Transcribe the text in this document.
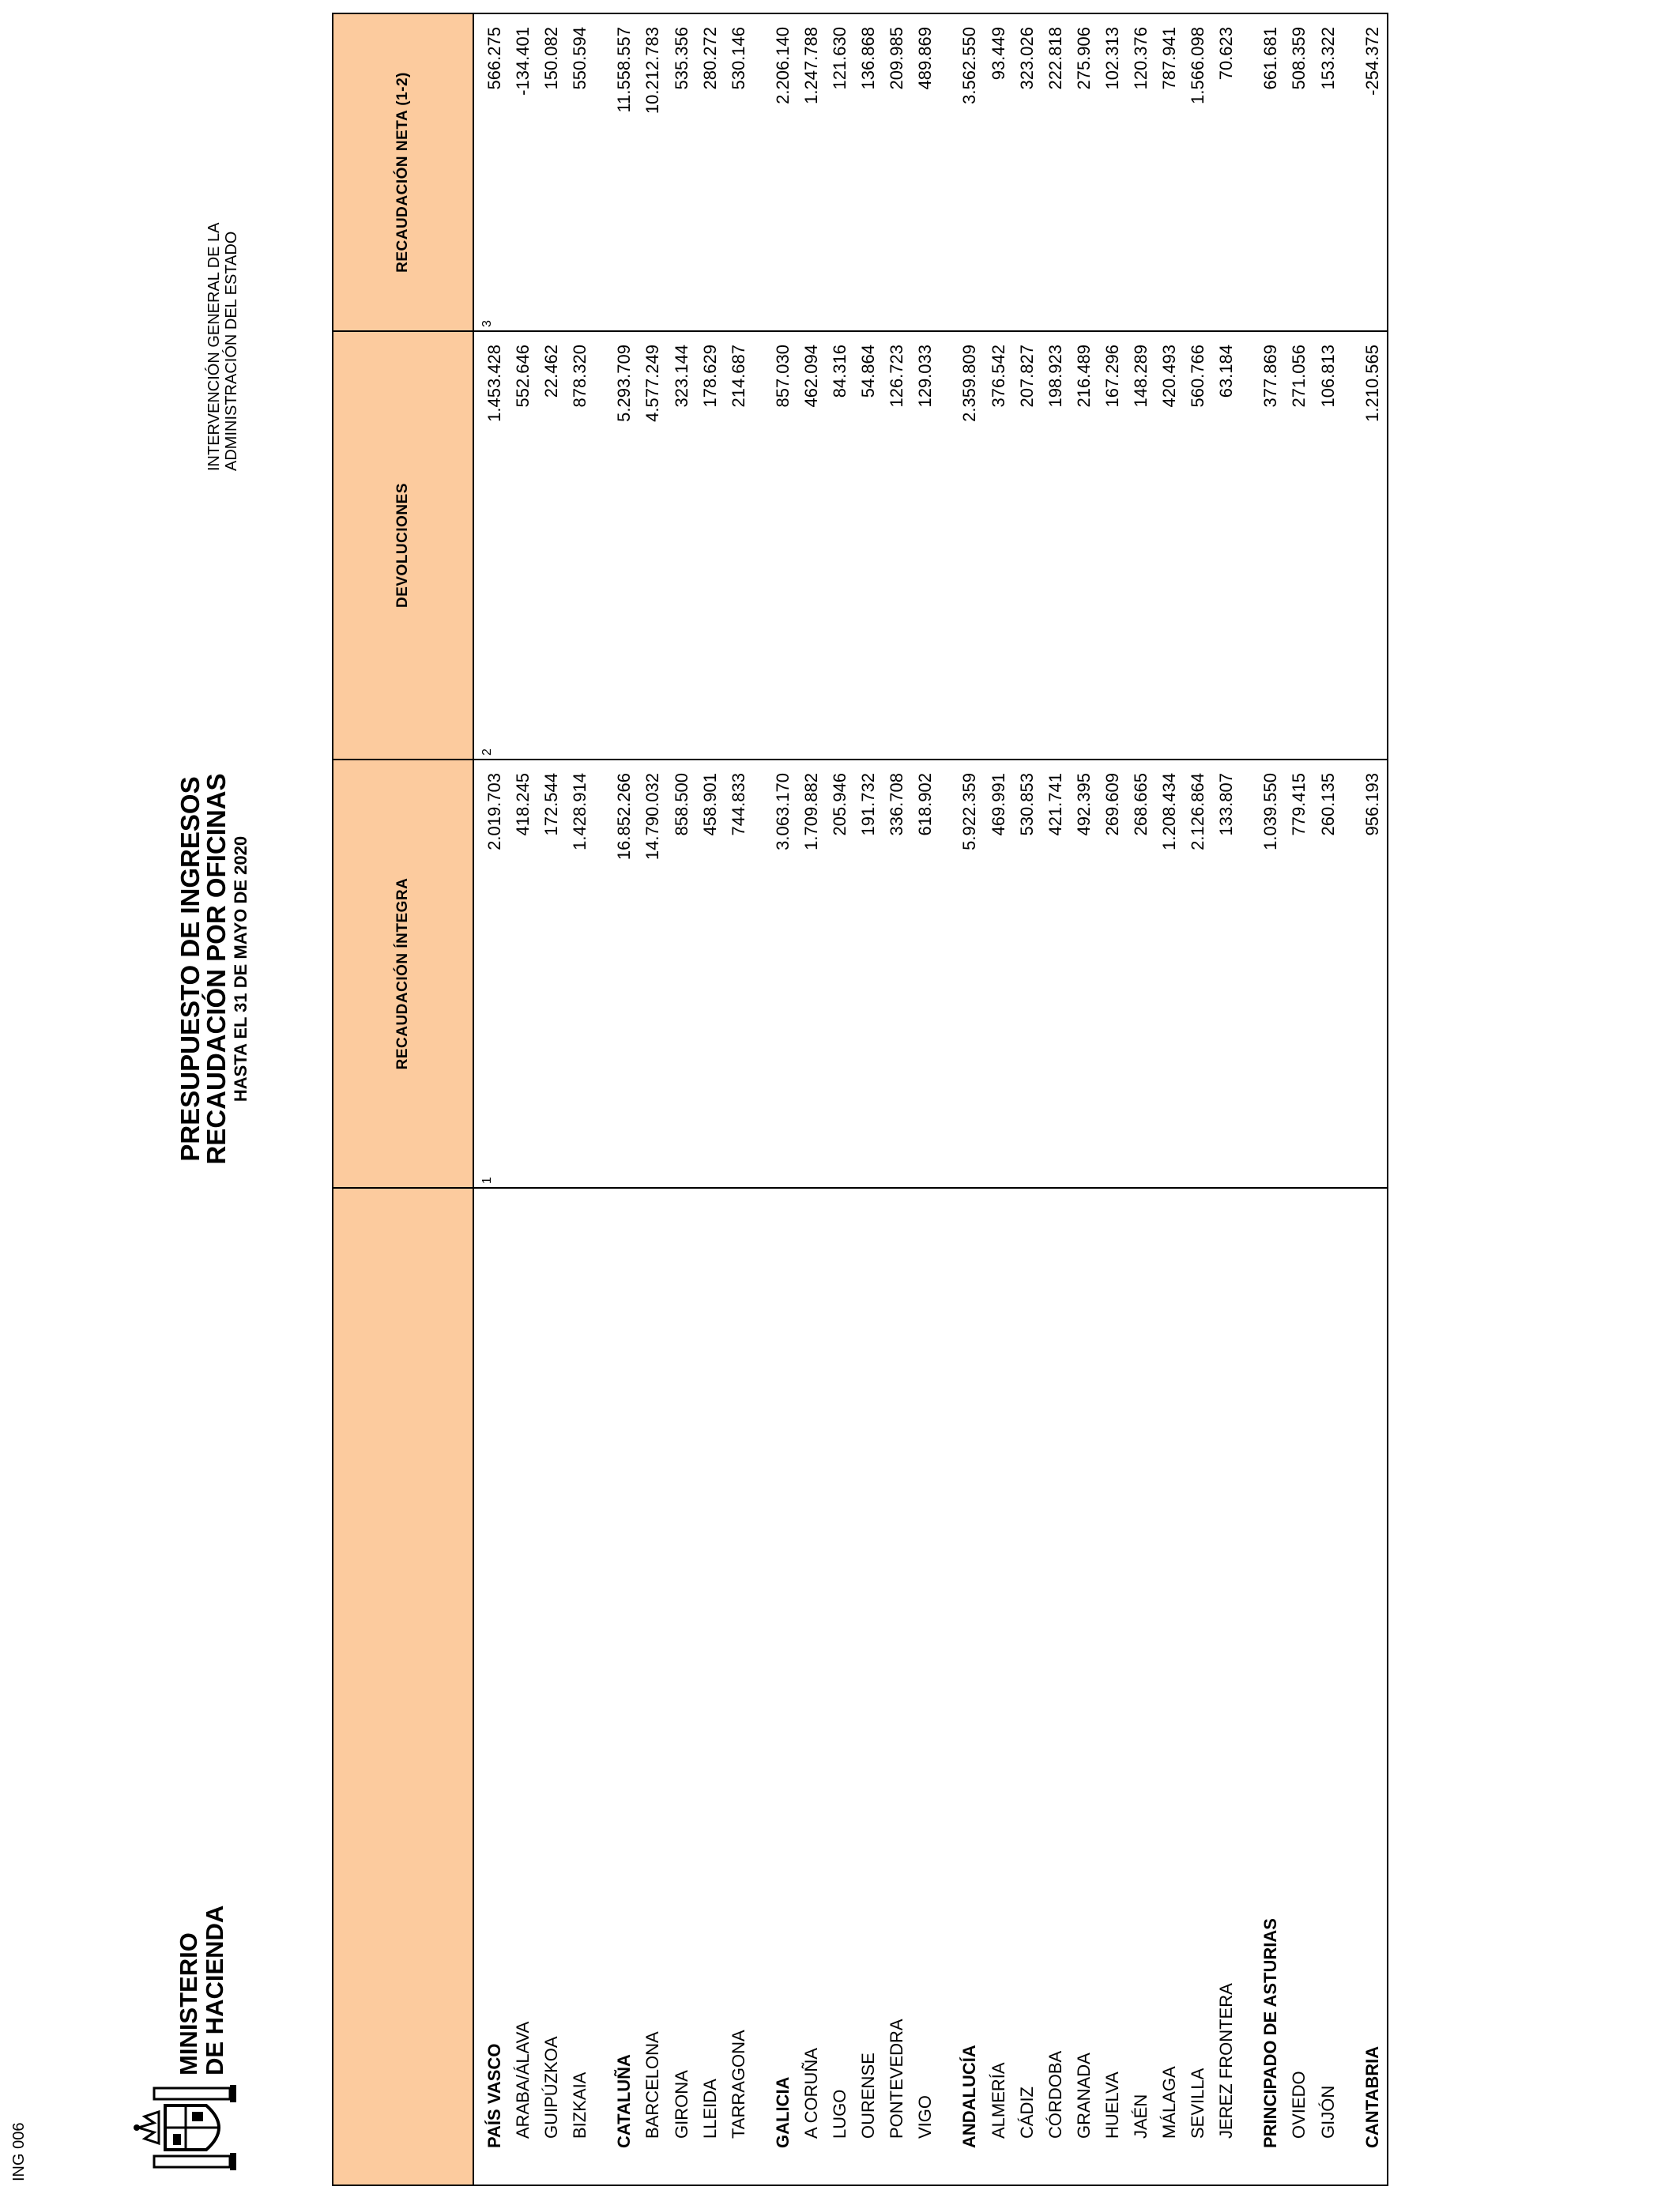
MINISTERIO
DE HACIENDA
PRESUPUESTO DE INGRESOS
RECAUDACIÓN POR OFICINAS HASTA EL 31 DE MAYO DE 2020
INTERVENCIÓN GENERAL DE LA ADMINISTRACIÓN DEL ESTADO
ING 006
	RECAUDACIÓN ÍNTEGRA
1	DEVOLUCIONES
2	RECAUDACIÓN NETA (1-2)
3

PAÍS VASCO	2.019.703	1.453.428	566.275
ARABA/ÁLAVA	418.245	552.646	-134.401
GUIPÚZKOA	172.544	22.462	150.082
BIZKAIA	1.428.914	878.320	550.594

CATALUÑA	16.852.266	5.293.709	11.558.557
BARCELONA	14.790.032	4.577.249	10.212.783
GIRONA	858.500	323.144	535.356
LLEIDA	458.901	178.629	280.272
TARRAGONA	744.833	214.687	530.146

GALICIA	3.063.170	857.030	2.206.140
A CORUÑA	1.709.882	462.094	1.247.788
LUGO	205.946	84.316	121.630
OURENSE	191.732	54.864	136.868
PONTEVEDRA	336.708	126.723	209.985
VIGO	618.902	129.033	489.869

ANDALUCÍA	5.922.359	2.359.809	3.562.550
ALMERÍA	469.991	376.542	93.449
CÁDIZ	530.853	207.827	323.026
CÓRDOBA	421.741	198.923	222.818
GRANADA	492.395	216.489	275.906
HUELVA	269.609	167.296	102.313
JAÉN	268.665	148.289	120.376
MÁLAGA	1.208.434	420.493	787.941
SEVILLA	2.126.864	560.766	1.566.098
JEREZ FRONTERA	133.807	63.184	70.623

PRINCIPADO DE ASTURIAS	1.039.550	377.869	661.681
OVIEDO	779.415	271.056	508.359
GIJÓN	260.135	106.813	153.322

CANTABRIA	956.193	1.210.565	-254.372
